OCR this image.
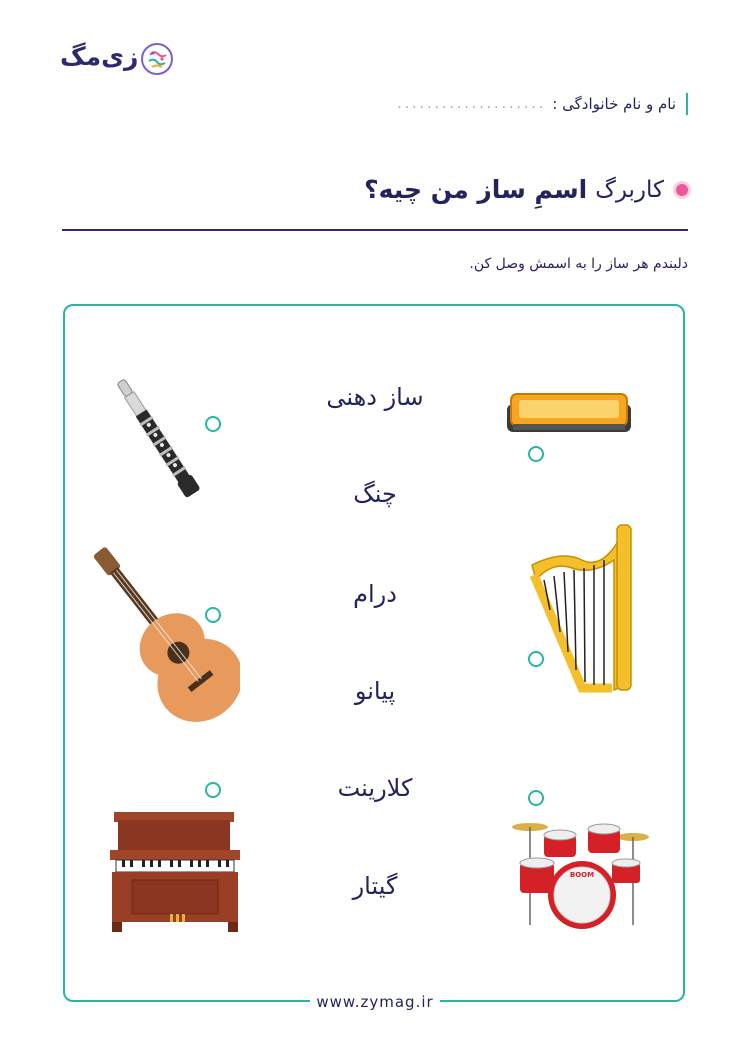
زی‌مگ
نام و نام خانوادگی :
....................
کاربرگ
اسمِ ساز من چیه؟
دلبندم هر ساز را به اسمش وصل کن.
ساز دهنی
چنگ
درام
پیانو
کلارینت
گیتار	BOOM
www.zymag.ir
